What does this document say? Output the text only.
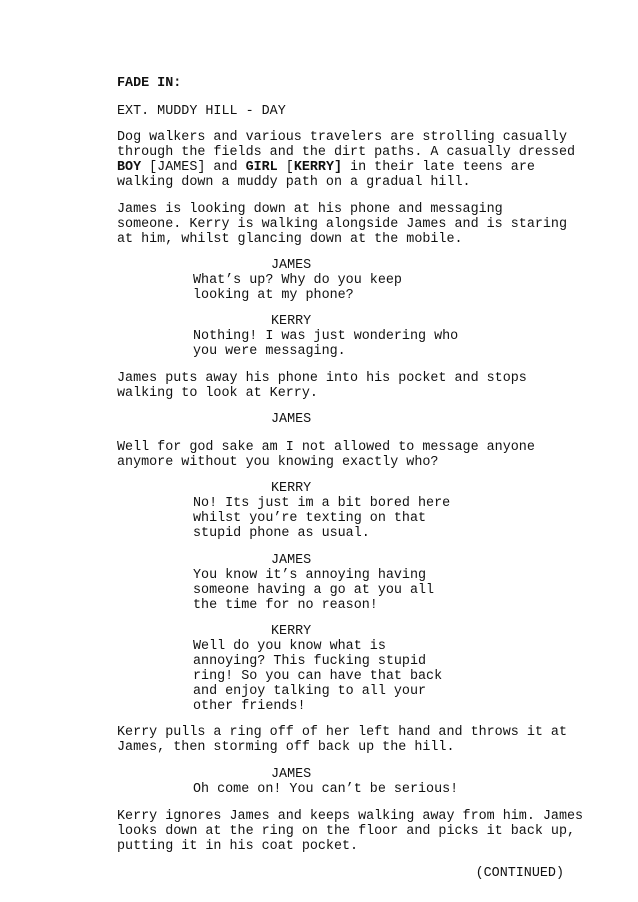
FADE IN:
EXT. MUDDY HILL - DAY
Dog walkers and various travelers are strolling casually
through the fields and the dirt paths. A casually dressed
BOY [JAMES] and GIRL [KERRY] in their late teens are
walking down a muddy path on a gradual hill.
James is looking down at his phone and messaging
someone. Kerry is walking alongside James and is staring
at him, whilst glancing down at the mobile.
JAMES
What’s up? Why do you keep
looking at my phone?
KERRY
Nothing! I was just wondering who
you were messaging.
James puts away his phone into his pocket and stops
walking to look at Kerry.
JAMES
Well for god sake am I not allowed to message anyone
anymore without you knowing exactly who?
KERRY
No! Its just im a bit bored here
whilst you’re texting on that
stupid phone as usual.
JAMES
You know it’s annoying having
someone having a go at you all
the time for no reason!
KERRY
Well do you know what is
annoying? This fucking stupid
ring! So you can have that back
and enjoy talking to all your
other friends!
Kerry pulls a ring off of her left hand and throws it at
James, then storming off back up the hill.
JAMES
Oh come on! You can’t be serious!
Kerry ignores James and keeps walking away from him. James
looks down at the ring on the floor and picks it back up,
putting it in his coat pocket.
(CONTINUED)
